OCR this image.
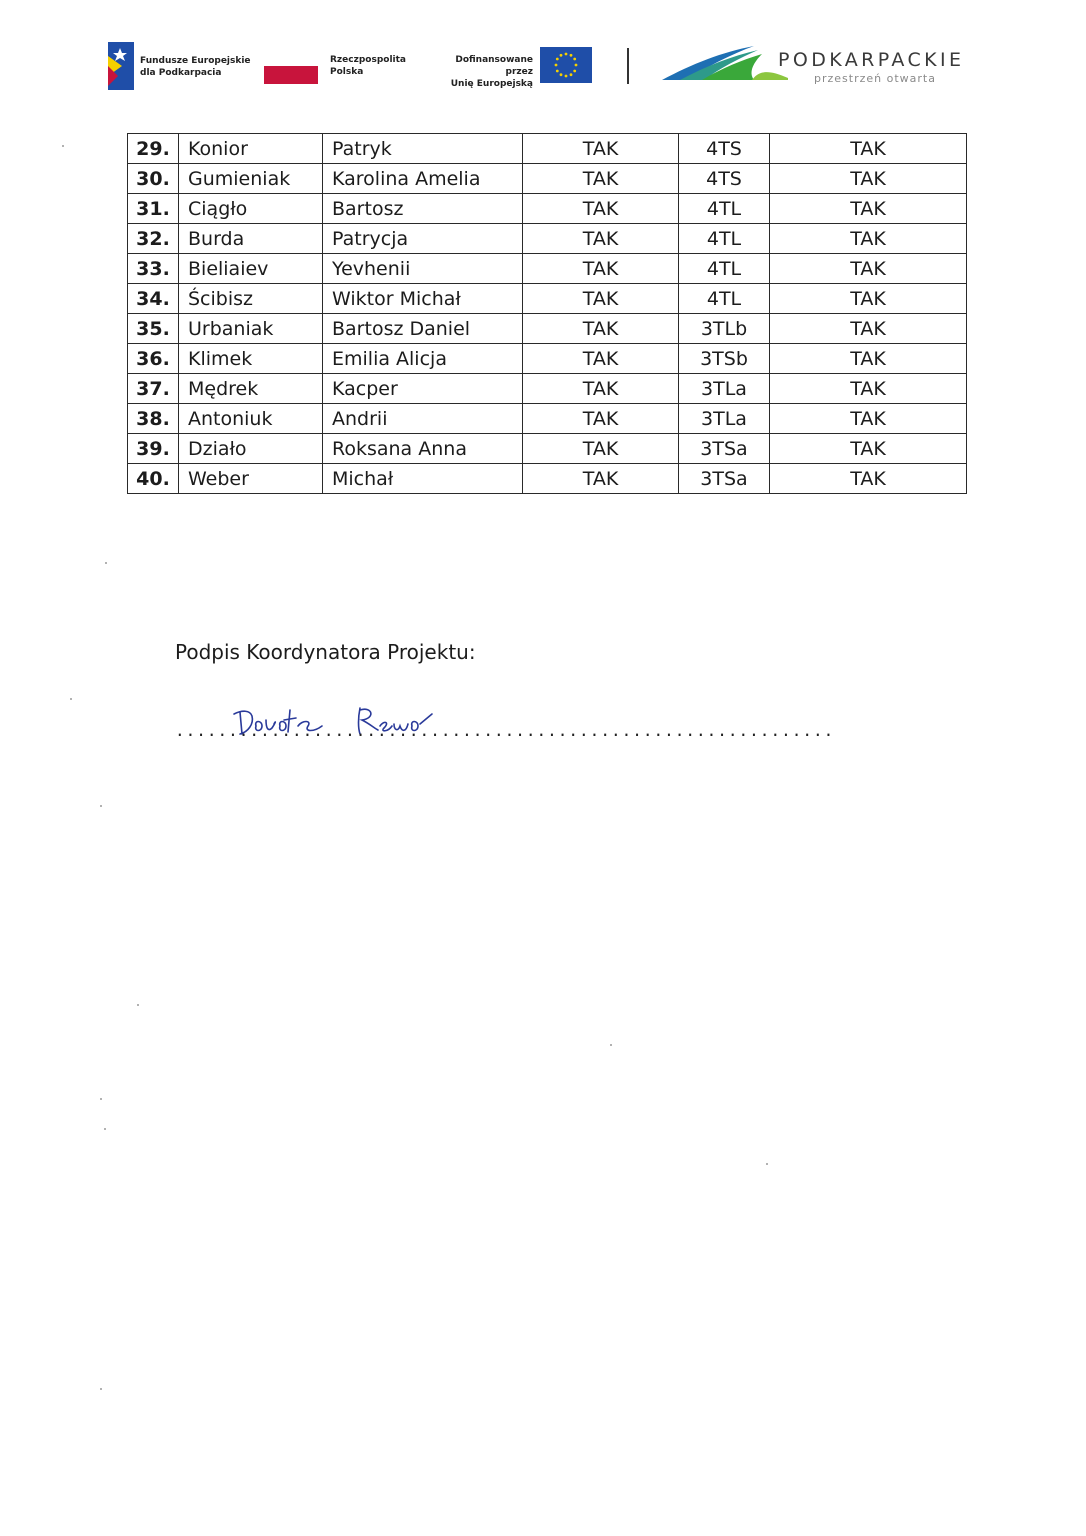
Fundusze Europejskie
dla Podkarpacia
Rzeczpospolita
Polska
Dofinansowane przez
Unię Europejską
PODKARPACKIE
przestrzeń otwarta
29.	Konior	Patryk	TAK	4TS	TAK
30.	Gumieniak	Karolina Amelia	TAK	4TS	TAK
31.	Ciągło	Bartosz	TAK	4TL	TAK
32.	Burda	Patrycja	TAK	4TL	TAK
33.	Bieliaiev	Yevhenii	TAK	4TL	TAK
34.	Ścibisz	Wiktor Michał	TAK	4TL	TAK
35.	Urbaniak	Bartosz Daniel	TAK	3TLb	TAK
36.	Klimek	Emilia Alicja	TAK	3TSb	TAK
37.	Mędrek	Kacper	TAK	3TLa	TAK
38.	Antoniuk	Andrii	TAK	3TLa	TAK
39.	Działo	Roksana Anna	TAK	3TSa	TAK
40.	Weber	Michał	TAK	3TSa	TAK
Podpis Koordynatora Projektu:
..............................................................
